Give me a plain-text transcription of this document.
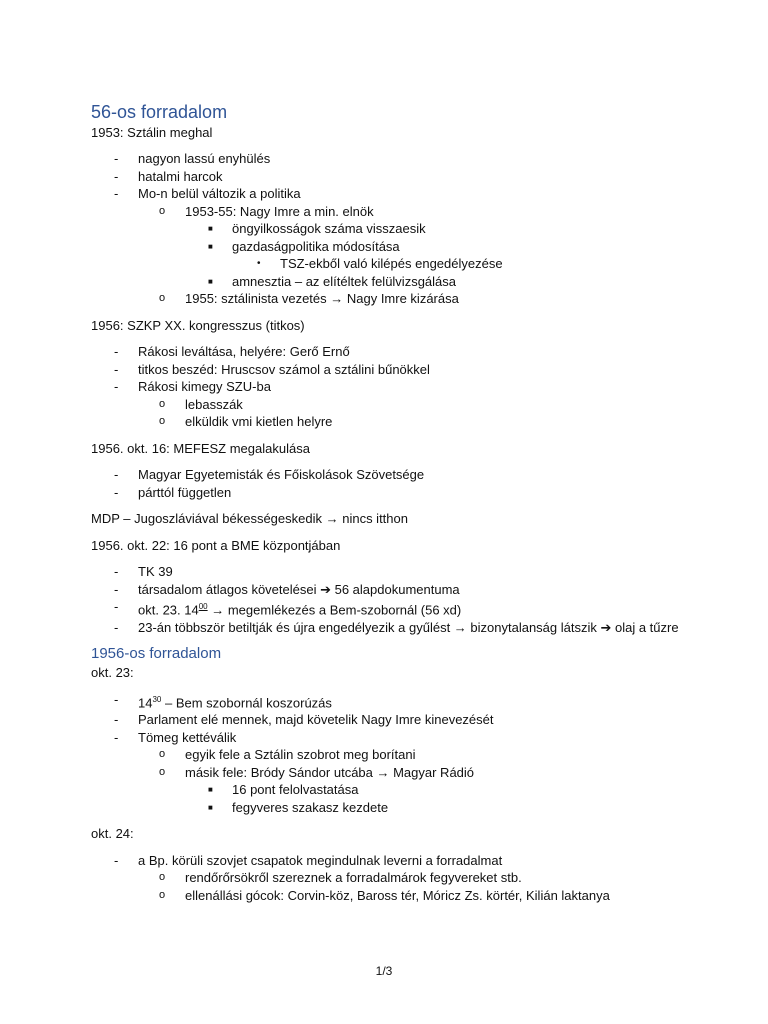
56-os forradalom

1953: Sztálin meghal

- nagyon lassú enyhülés
- hatalmi harcok
- Mo-n belül változik a politika
o 1953-55: Nagy Imre a min. elnök
■ öngyilkosságok száma visszaesik
■ gazdaságpolitika módosítása
• TSZ-ekből való kilépés engedélyezése
■ amnesztia – az elítéltek felülvizsgálása
o 1955: sztálinista vezetés → Nagy Imre kizárása

1956: SZKP XX. kongresszus (titkos)

- Rákosi leváltása, helyére: Gerő Ernő
- titkos beszéd: Hruscsov számol a sztálini bűnökkel
- Rákosi kimegy SZU-ba
o lebasszák
o elküldik vmi kietlen helyre

1956. okt. 16: MEFESZ megalakulása

- Magyar Egyetemisták és Főiskolások Szövetsége
- párttól független

MDP – Jugoszláviával békességeskedik → nincs itthon

1956. okt. 22: 16 pont a BME központjában

- TK 39
- társadalom átlagos követelései ➔ 56 alapdokumentuma
- okt. 23. $14^{00}$ → megemlékezés a Bem-szobornál (56 xd)
- 23-án többször betiltják és újra engedélyezik a gyűlést → bizonytalanság látszik ➔ olaj a tűzre
1956-os forradalom

okt. 23:

- $14^{30}$ – Bem szobornál koszorúzás
- Parlament elé mennek, majd követelik Nagy Imre kinevezését
- Tömeg kettéválik
o egyik fele a Sztálin szobrot meg borítani
o másik fele: Bródy Sándor utcába → Magyar Rádió
■ 16 pont felolvastatása
■ fegyveres szakasz kezdete

okt. 24:

- a Bp. körüli szovjet csapatok megindulnak leverni a forradalmat
o rendőrőrsökről szereznek a forradalmárok fegyvereket stb.
o ellenállási gócok: Corvin-köz, Baross tér, Móricz Zs. körtér, Kilián laktanya
1/3
